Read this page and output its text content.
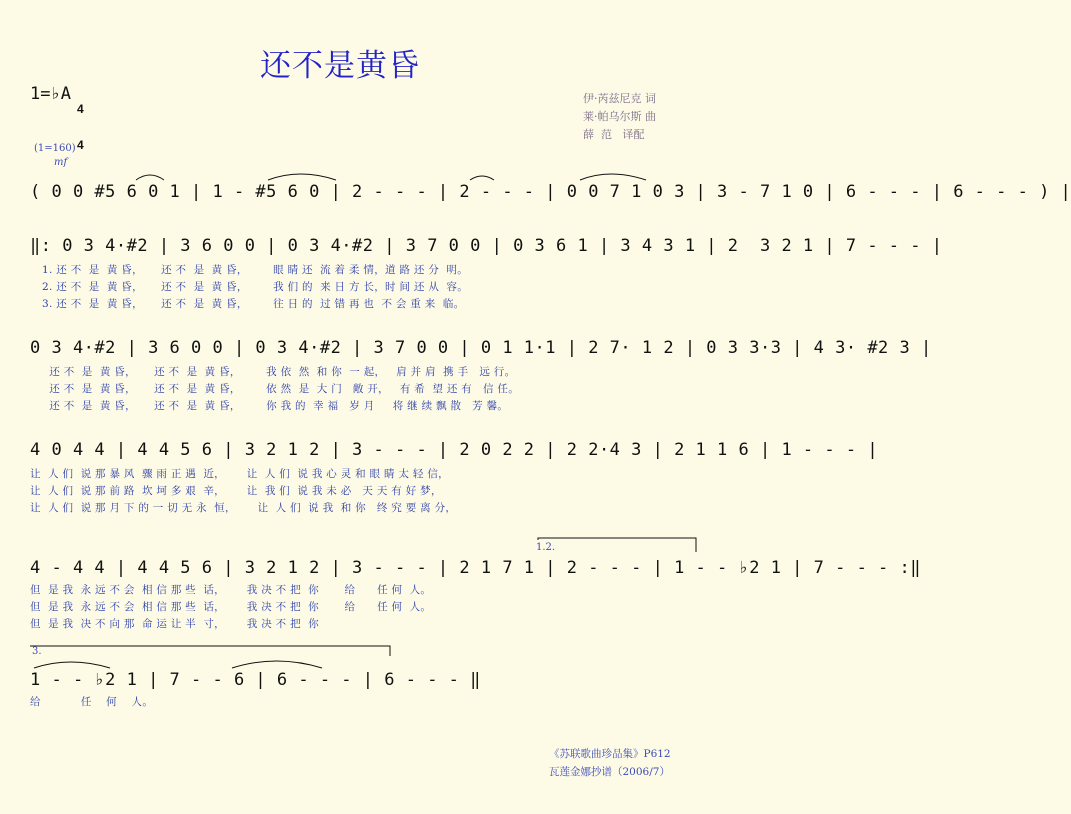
还不是黄昏
1=♭A

4

4

伊·芮兹尼克 词
莱·帕乌尔斯 曲
薛  范   译配
(1=160)
mf
( 0 0 #5 6 0 1 | 1 - #5 6 0 | 2 - - - | 2 - - - | 0 0 7 1 0 3 | 3 - 7 1 0 | 6 - - - | 6 - - - ) |
‖: 0 3 4·#2 | 3 6 0 0 | 0 3 4·#2 | 3 7 0 0 | 0 3 6 1 | 3 4 3 1 | 2  3 2 1 | 7 - - - |
1. 还 不  是  黄 昏，     还 不  是  黄 昏，       眼 睛 还  流 着 柔 情，道 路 还 分  明。
2. 还 不  是  黄 昏，     还 不  是  黄 昏，       我 们 的  来 日 方 长，时 间 还 从  容。
3. 还 不  是  黄 昏，     还 不  是  黄 昏，       往 日 的  过 错 再 也  不 会 重 来  临。
0 3 4·#2 | 3 6 0 0 | 0 3 4·#2 | 3 7 0 0 | 0 1 1·1 | 2 7· 1 2 | 0 3 3·3 | 4 3· #2 3 |
还 不  是  黄 昏，     还 不  是  黄 昏，       我 依  然  和 你  一 起，   肩 并 肩  携 手   远 行。
还 不  是  黄 昏，     还 不  是  黄 昏，       依 然  是  大 门   敞 开，   有 希  望 还 有   信 任。
还 不  是  黄 昏，     还 不  是  黄 昏，       你 我 的  幸 福   岁 月     将 继 续 飘 散   芳 馨。
4 0 4 4 | 4 4 5 6 | 3 2 1 2 | 3 - - - | 2 0 2 2 | 2 2·4 3 | 2 1 1 6 | 1 - - - |
让  人 们  说 那 暴 风  骤 雨 正 遇  近，      让  人 们  说 我 心 灵 和 眼 睛 太 轻 信，
让  人 们  说 那 前 路  坎 坷 多 艰  辛，      让  我 们  说 我 未 必   天 天 有 好 梦，
让  人 们  说 那 月 下 的 一 切 无 永  恒，      让  人 们  说 我  和 你   终 究 要 离 分，
1.2.
4 - 4 4 | 4 4 5 6 | 3 2 1 2 | 3 - - - | 2 1 7 1 | 2 - - - | 1 - - ♭2 1 | 7 - - - :‖
但  是 我  永 远 不 会  相 信 那 些  话，      我 决 不 把  你       给      任 何  人。
但  是 我  永 远 不 会  相 信 那 些  话，      我 决 不 把  你       给      任 何  人。
但  是 我  决 不 向 那  命 运 让 半  寸，      我 决 不 把  你
3.
1 - - ♭2 1 | 7 - - 6 | 6 - - - | 6 - - - ‖
给           任    何    人。
《苏联歌曲珍品集》P612
瓦莲金娜抄谱（2006/7）
